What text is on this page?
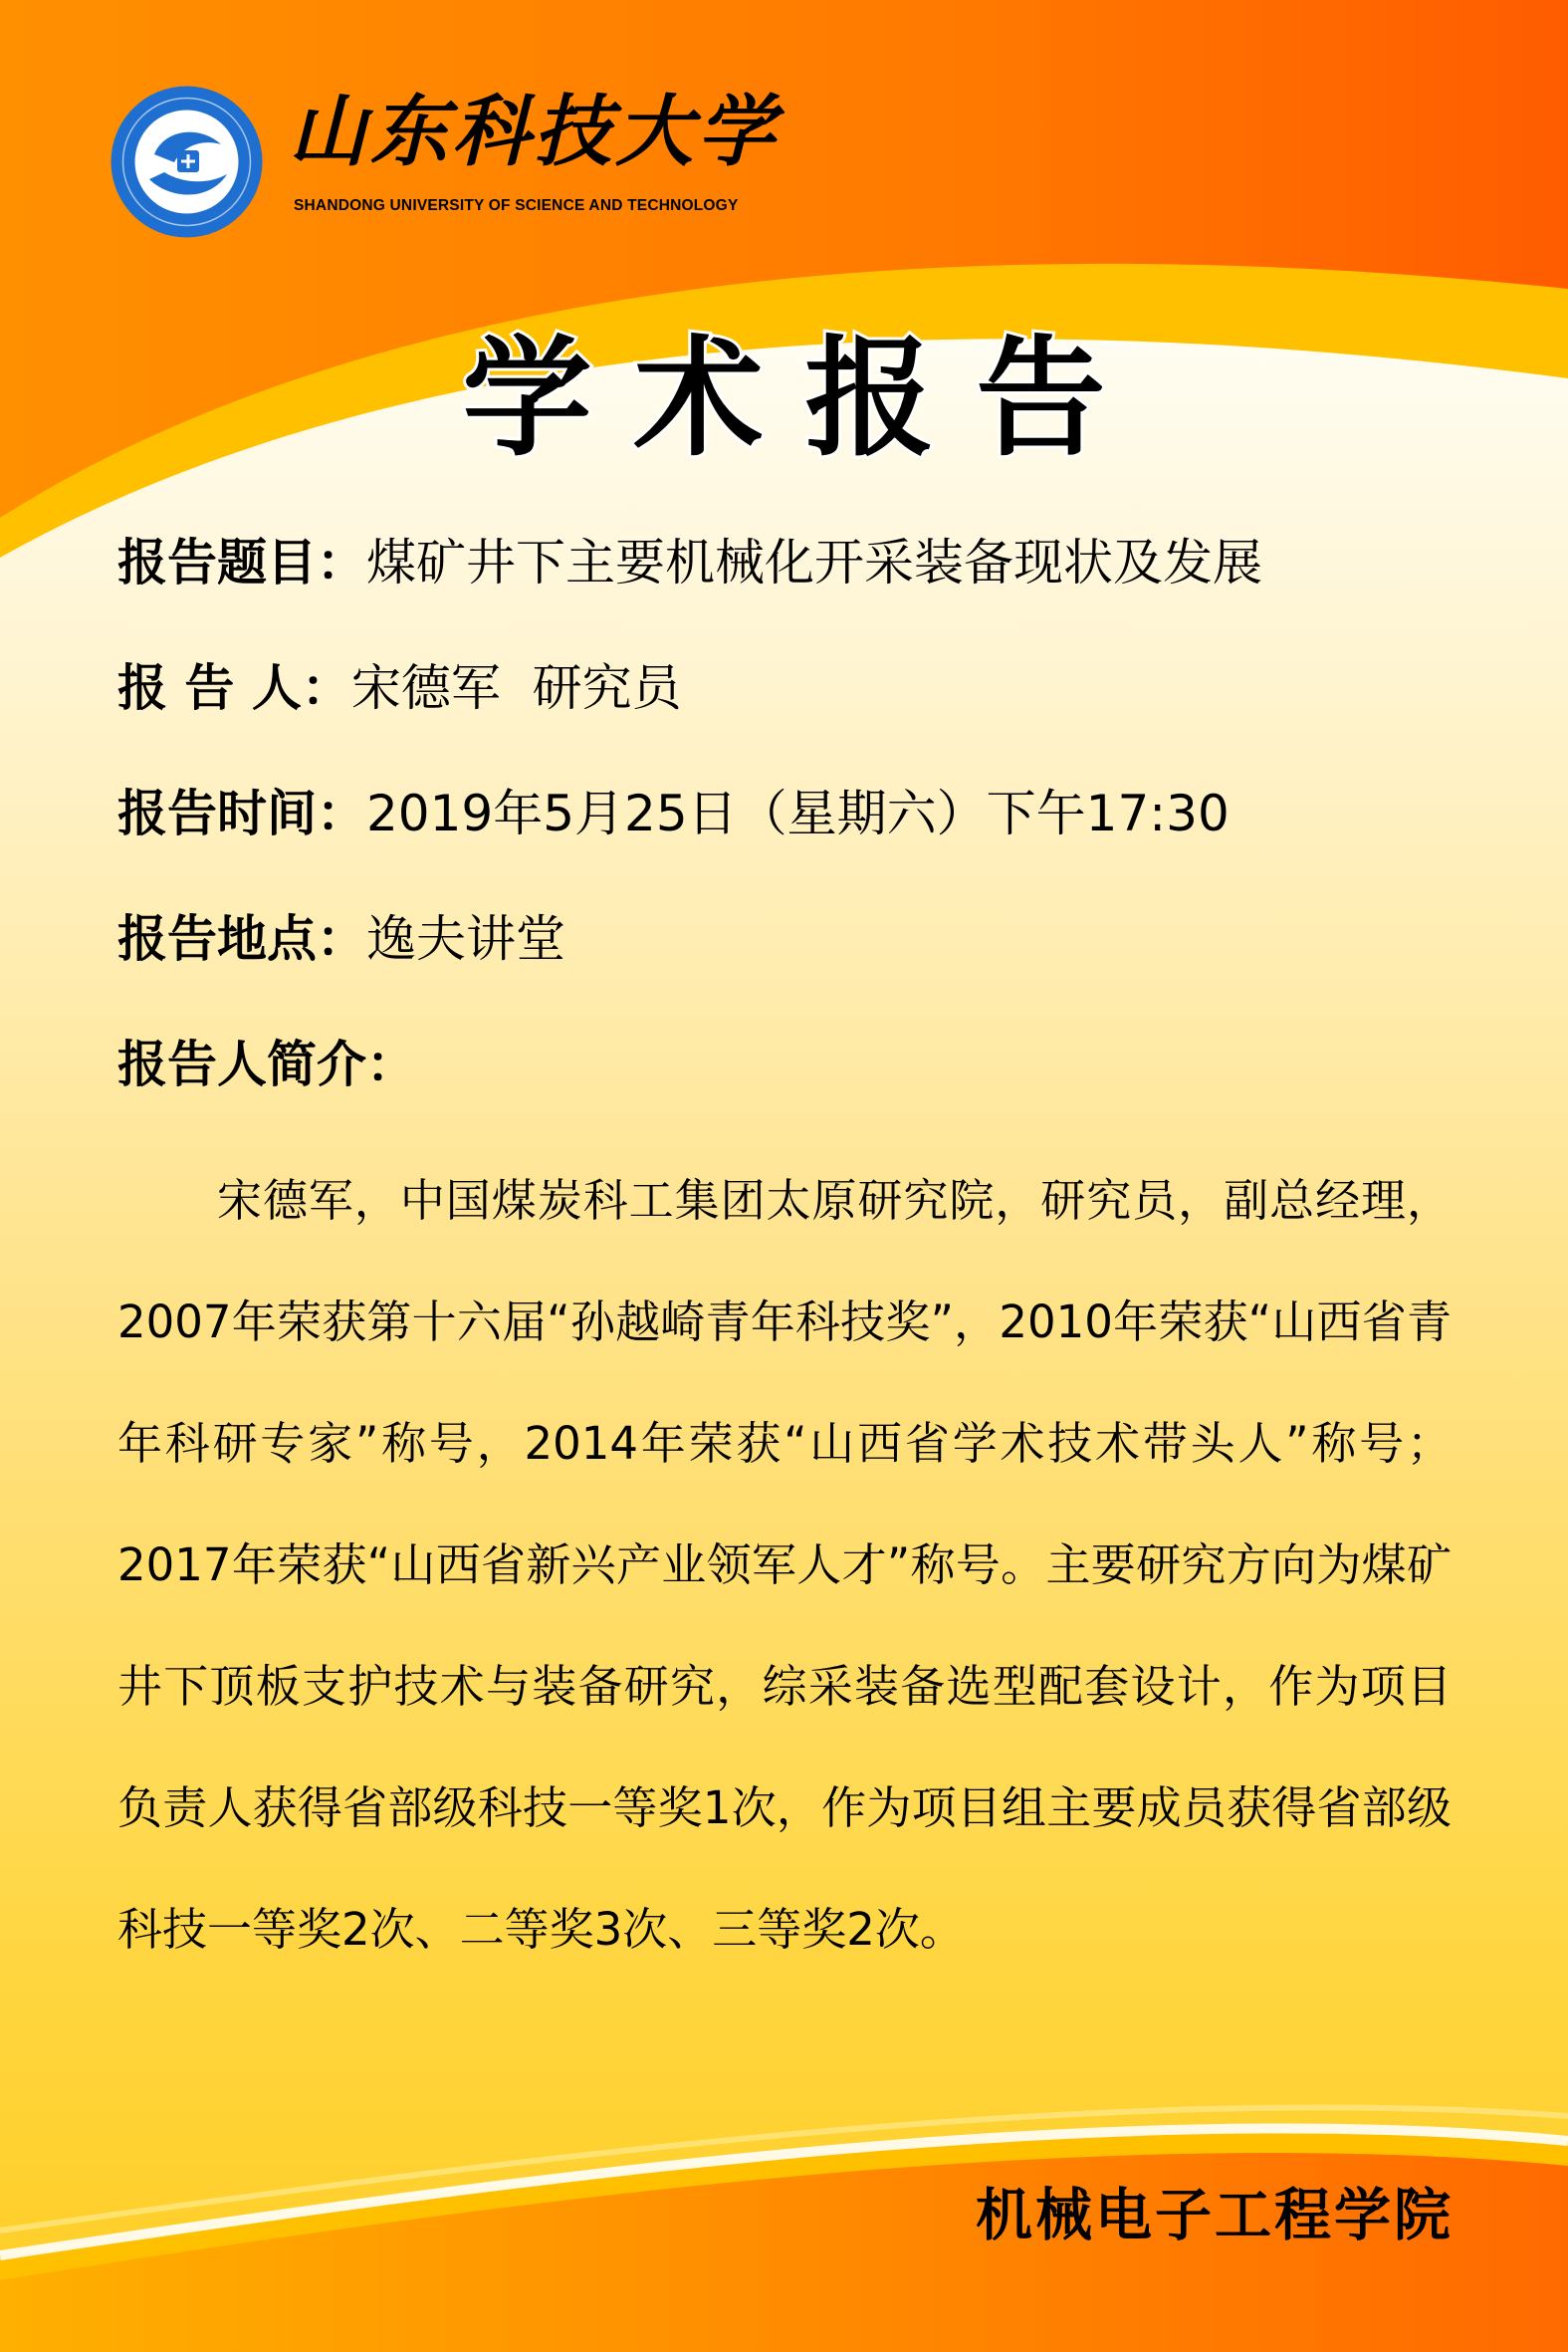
山东科技大学
SHANDONG UNIVERSITY OF SCIENCE AND TECHNOLOGY
学术报告
报告题目：煤矿井下主要机械化开采装备现状及发展
报 告 人：宋德军  研究员
报告时间：2019年5月25日（星期六）下午17:30
报告地点：逸夫讲堂
报告人简介：
宋德军，中国煤炭科工集团太原研究院，研究员，副总经理，2007年荣获第十六届“孙越崎青年科技奖”，2010年荣获“山西省青年科研专家”称号，2014年荣获“山西省学术技术带头人”称号；2017年荣获“山西省新兴产业领军人才”称号。主要研究方向为煤矿井下顶板支护技术与装备研究，综采装备选型配套设计，作为项目负责人获得省部级科技一等奖1次，作为项目组主要成员获得省部级科技一等奖2次、二等奖3次、三等奖2次。
机械电子工程学院
